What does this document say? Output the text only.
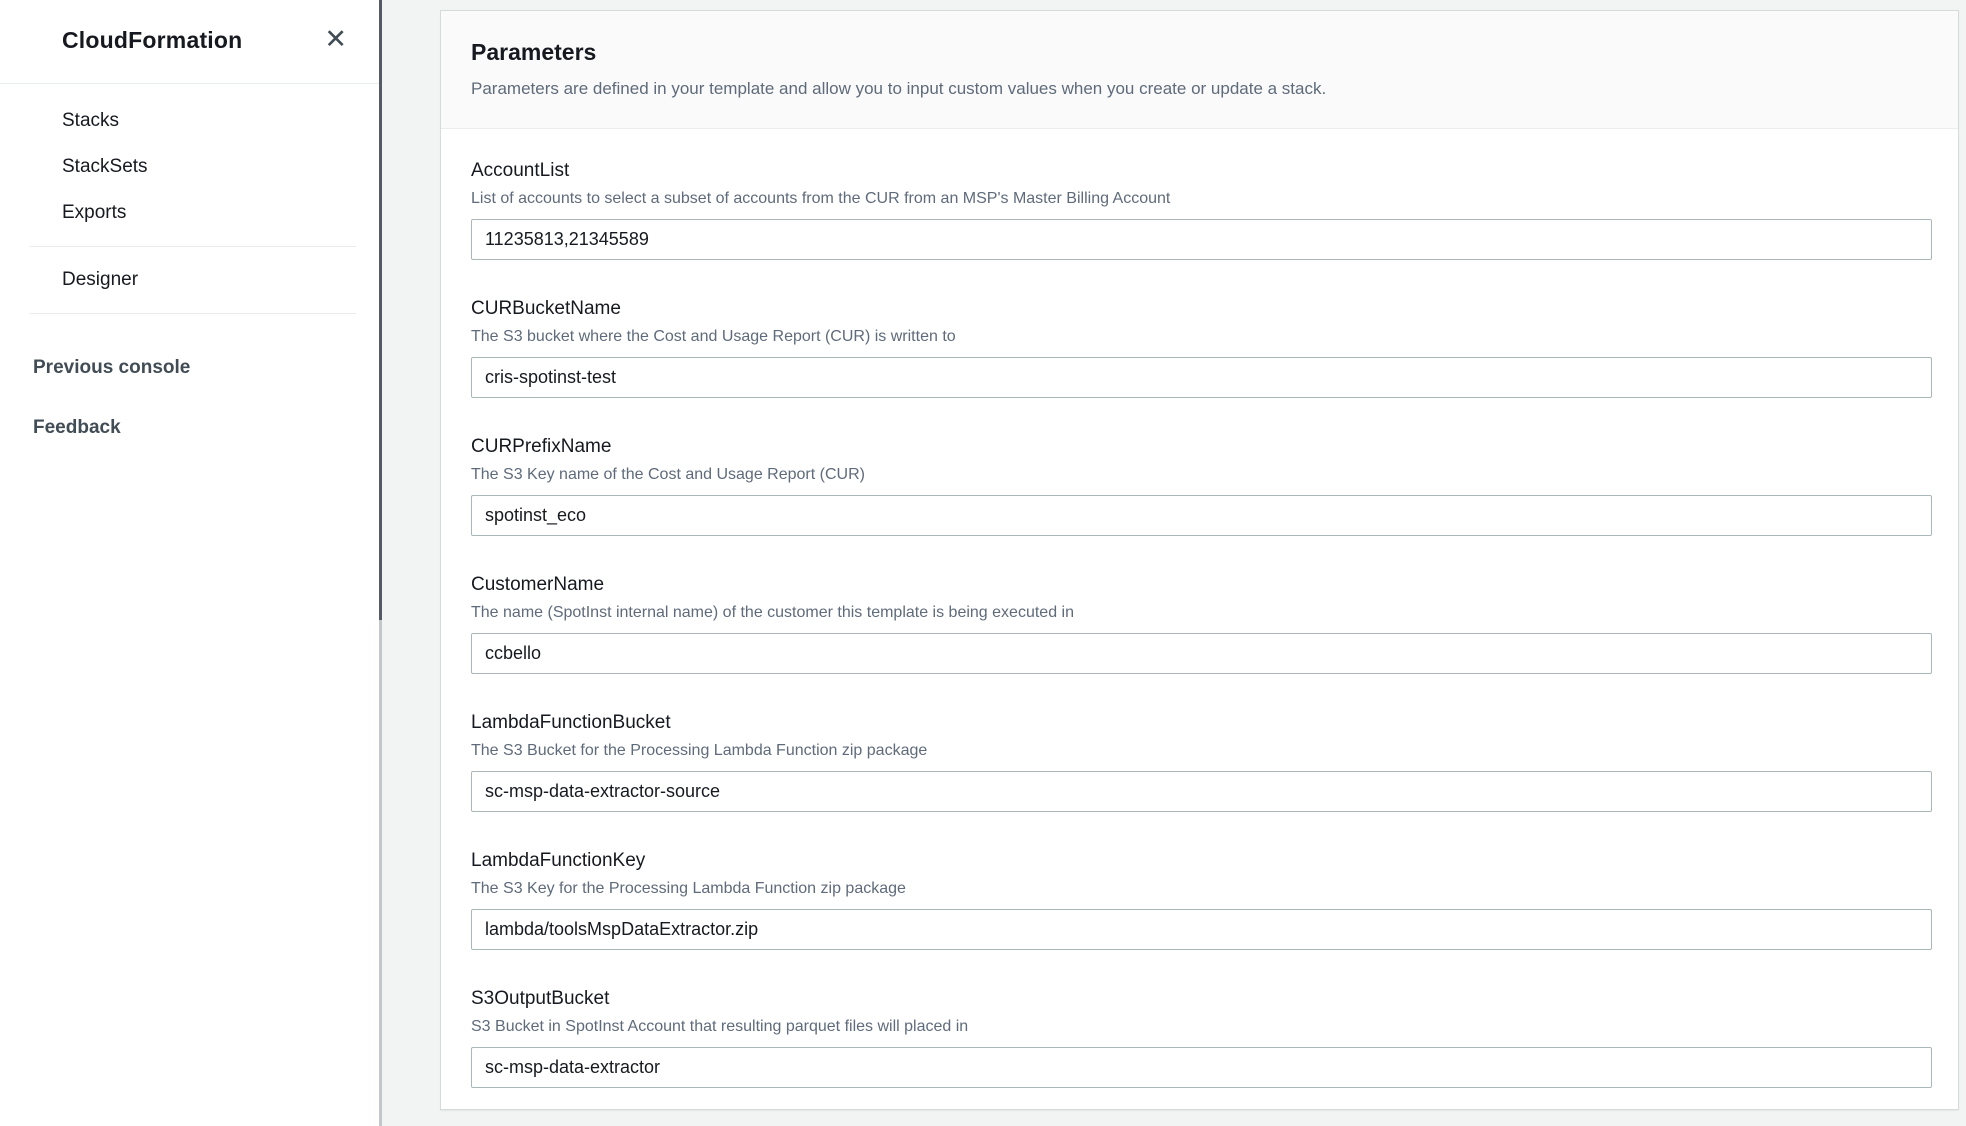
CloudFormation	✕
Stacks
StackSets
Exports
Designer
Previous console
Feedback
Parameters

Parameters are defined in your template and allow you to input custom values when you create or update a stack.

AccountList
List of accounts to select a subset of accounts from the CUR from an MSP's Master Billing Account
11235813,21345589
CURBucketName
The S3 bucket where the Cost and Usage Report (CUR) is written to
cris-spotinst-test
CURPrefixName
The S3 Key name of the Cost and Usage Report (CUR)
spotinst_eco
CustomerName
The name (SpotInst internal name) of the customer this template is being executed in
ccbello
LambdaFunctionBucket
The S3 Bucket for the Processing Lambda Function zip package
sc-msp-data-extractor-source
LambdaFunctionKey
The S3 Key for the Processing Lambda Function zip package
lambda/toolsMspDataExtractor.zip
S3OutputBucket
S3 Bucket in SpotInst Account that resulting parquet files will placed in
sc-msp-data-extractor
